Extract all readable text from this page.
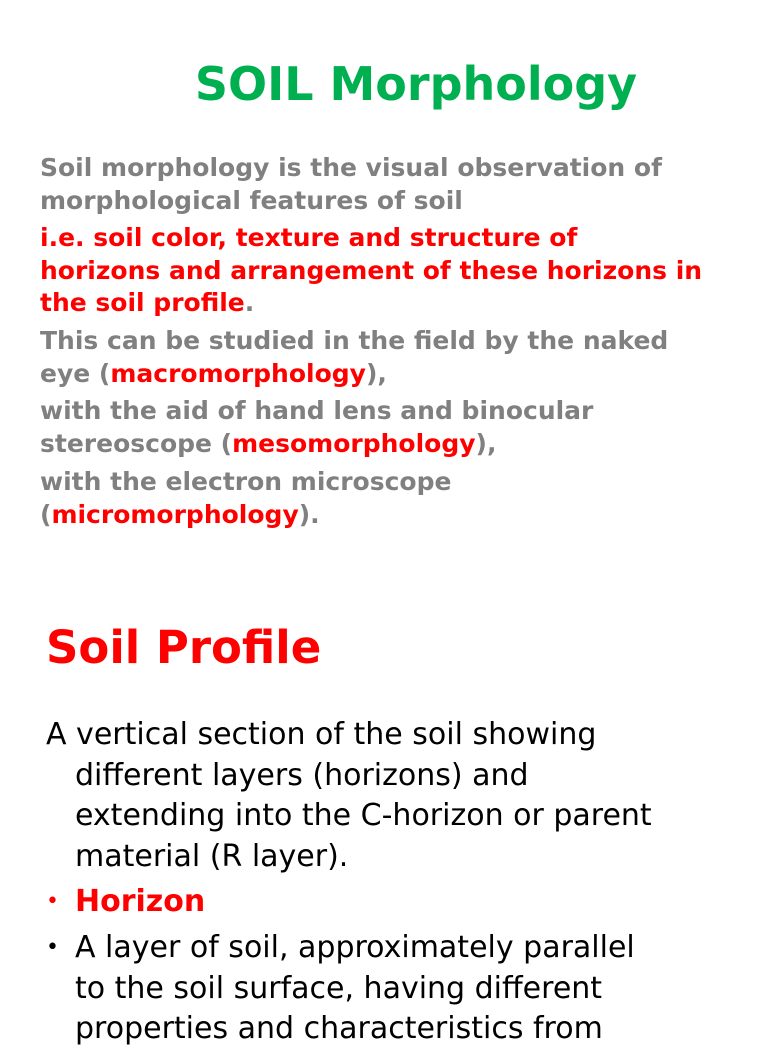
SOIL Morphology
Soil morphology is the visual observation of
morphological features of soil
i.e. soil color, texture and structure of
horizons and arrangement of these horizons in
the soil profile.
This can be studied in the field by the naked
eye (macromorphology),
with the aid of hand lens and binocular
stereoscope (mesomorphology),
with the electron microscope
(micromorphology).
Soil Profile
A vertical section of the soil showing
different layers (horizons) and
extending into the C-horizon or parent
material (R layer).
• Horizon
• A layer of soil, approximately parallel
to the soil surface, having different
properties and characteristics from
